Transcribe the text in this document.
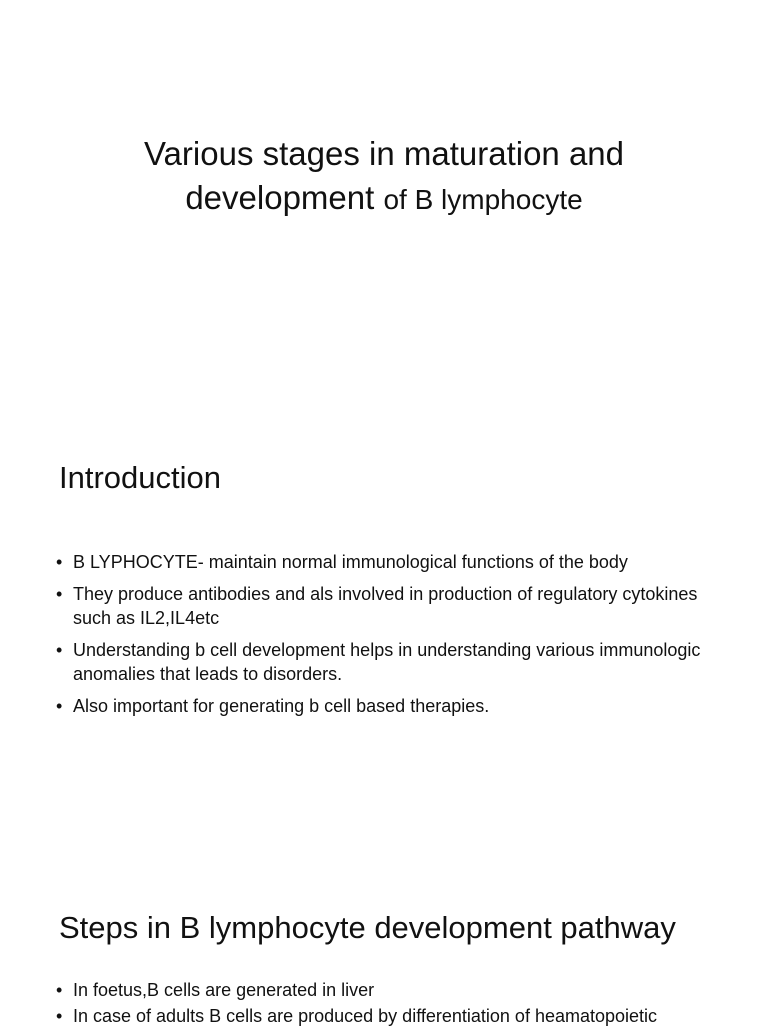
Various stages in maturation and
development of B lymphocyte
Introduction
• B LYPHOCYTE- maintain normal immunological functions of the body
• They produce antibodies and als involved in production of regulatory cytokines such as IL2,IL4etc
• Understanding b cell development helps in understanding various immunologic anomalies that leads to disorders.
• Also important for generating b cell based therapies.
Steps in B lymphocyte development pathway
• In foetus,B cells are generated in liver
• In case of adults B cells are produced by differentiation of heamatopoietic
